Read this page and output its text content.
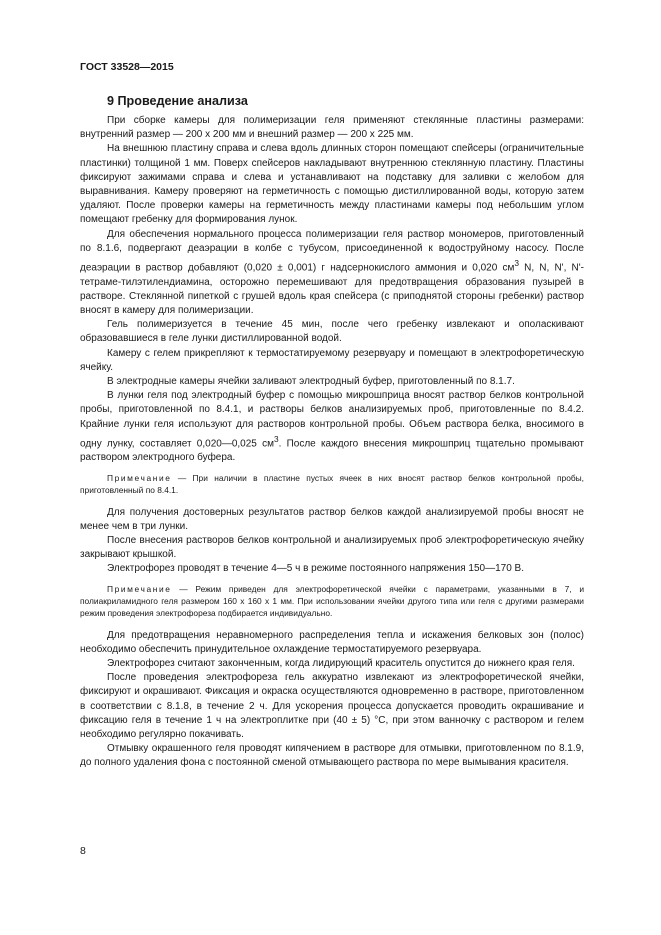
ГОСТ 33528—2015
9 Проведение анализа

При сборке камеры для полимеризации геля применяют стеклянные пластины размерами: внутренний размер — 200 x 200 мм и внешний размер — 200 x 225 мм.

На внешнюю пластину справа и слева вдоль длинных сторон помещают спейсеры (ограничительные пластинки) толщиной 1 мм. Поверх спейсеров накладывают внутреннюю стеклянную пластину. Пластины фиксируют зажимами справа и слева и устанавливают на подставку для заливки с желобом для выравнивания. Камеру проверяют на герметичность с помощью дистиллированной воды, которую затем удаляют. После проверки камеры на герметичность между пластинами камеры под небольшим углом помещают гребенку для формирования лунок.

Для обеспечения нормального процесса полимеризации геля раствор мономеров, приготовленный по 8.1.6, подвергают деаэрации в колбе с тубусом, присоединенной к водоструйному насосу. После деаэрации в раствор добавляют (0,020 ± 0,001) г надсернокислого аммония и 0,020 $см^3$ N, N, N', N'-тетраме-тилэтилендиамина, осторожно перемешивают для предотвращения образования пузырей в растворе. Стеклянной пипеткой с грушей вдоль края спейсера (с приподнятой стороны гребенки) раствор вносят в камеру для полимеризации.

Гель полимеризуется в течение 45 мин, после чего гребенку извлекают и ополаскивают образовавшиеся в геле лунки дистиллированной водой.

Камеру с гелем прикрепляют к термостатируемому резервуару и помещают в электрофоретическую ячейку.

В электродные камеры ячейки заливают электродный буфер, приготовленный по 8.1.7.

В лунки геля под электродный буфер с помощью микрошприца вносят раствор белков контрольной пробы, приготовленной по 8.4.1, и растворы белков анализируемых проб, приготовленные по 8.4.2. Крайние лунки геля используют для растворов контрольной пробы. Объем раствора белка, вносимого в одну лунку, составляет 0,020—0,025 $см^3$. После каждого внесения микрошприц тщательно промывают раствором электродного буфера.

Примечание — При наличии в пластине пустых ячеек в них вносят раствор белков контрольной пробы, приготовленный по 8.4.1.

Для получения достоверных результатов раствор белков каждой анализируемой пробы вносят не менее чем в три лунки.

После внесения растворов белков контрольной и анализируемых проб электрофоретическую ячейку закрывают крышкой.

Электрофорез проводят в течение 4—5 ч в режиме постоянного напряжения 150—170 В.

Примечание — Режим приведен для электрофоретической ячейки с параметрами, указанными в 7, и полиакриламидного геля размером 160 x 160 x 1 мм. При использовании ячейки другого типа или геля с другими размерами режим проведения электрофореза подбирается индивидуально.

Для предотвращения неравномерного распределения тепла и искажения белковых зон (полос) необходимо обеспечить принудительное охлаждение термостатируемого резервуара.

Электрофорез считают законченным, когда лидирующий краситель опустится до нижнего края геля.

После проведения электрофореза гель аккуратно извлекают из электрофоретической ячейки, фиксируют и окрашивают. Фиксация и окраска осуществляются одновременно в растворе, приготовленном в соответствии с 8.1.8, в течение 2 ч. Для ускорения процесса допускается проводить окрашивание и фиксацию геля в течение 1 ч на электроплитке при (40 ± 5) °С, при этом ванночку с раствором и гелем необходимо регулярно покачивать.

Отмывку окрашенного геля проводят кипячением в растворе для отмывки, приготовленном по 8.1.9, до полного удаления фона с постоянной сменой отмывающего раствора по мере вымывания красителя.

8
